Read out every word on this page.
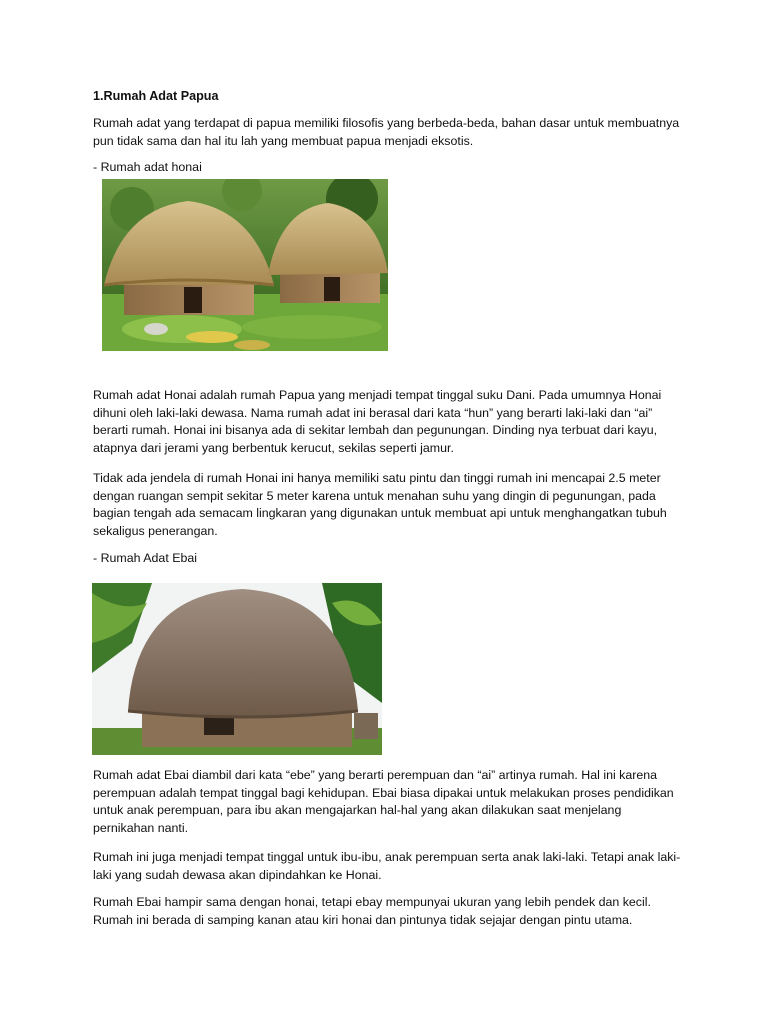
1.Rumah Adat Papua

Rumah adat yang terdapat di papua memiliki filosofis yang berbeda-beda, bahan dasar untuk membuatnya pun tidak sama dan hal itu lah yang membuat papua menjadi eksotis.

- Rumah adat honai

Rumah adat Honai adalah rumah Papua yang menjadi tempat tinggal suku Dani. Pada umumnya Honai dihuni oleh laki-laki dewasa. Nama rumah adat ini berasal dari kata “hun” yang berarti laki-laki dan “ai” berarti rumah. Honai ini bisanya ada di sekitar lembah dan pegunungan. Dinding nya terbuat dari kayu, atapnya dari jerami yang berbentuk kerucut, sekilas seperti jamur.

Tidak ada jendela di rumah Honai ini hanya memiliki satu pintu dan tinggi rumah ini mencapai 2.5 meter dengan ruangan sempit sekitar 5 meter karena untuk menahan suhu yang dingin di pegunungan, pada bagian tengah ada semacam lingkaran yang digunakan untuk membuat api untuk menghangatkan tubuh sekaligus penerangan.

- Rumah Adat Ebai

Rumah adat Ebai diambil dari kata “ebe” yang berarti perempuan dan “ai” artinya rumah. Hal ini karena perempuan adalah tempat tinggal bagi kehidupan. Ebai biasa dipakai untuk melakukan proses pendidikan untuk anak perempuan, para ibu akan mengajarkan hal-hal yang akan dilakukan saat menjelang pernikahan nanti.

Rumah ini juga menjadi tempat tinggal untuk ibu-ibu, anak perempuan serta anak laki-laki. Tetapi anak laki-laki yang sudah dewasa akan dipindahkan ke Honai.

Rumah Ebai hampir sama dengan honai, tetapi ebay mempunyai ukuran yang lebih pendek dan kecil. Rumah ini berada di samping kanan atau kiri honai dan pintunya tidak sejajar dengan pintu utama.
